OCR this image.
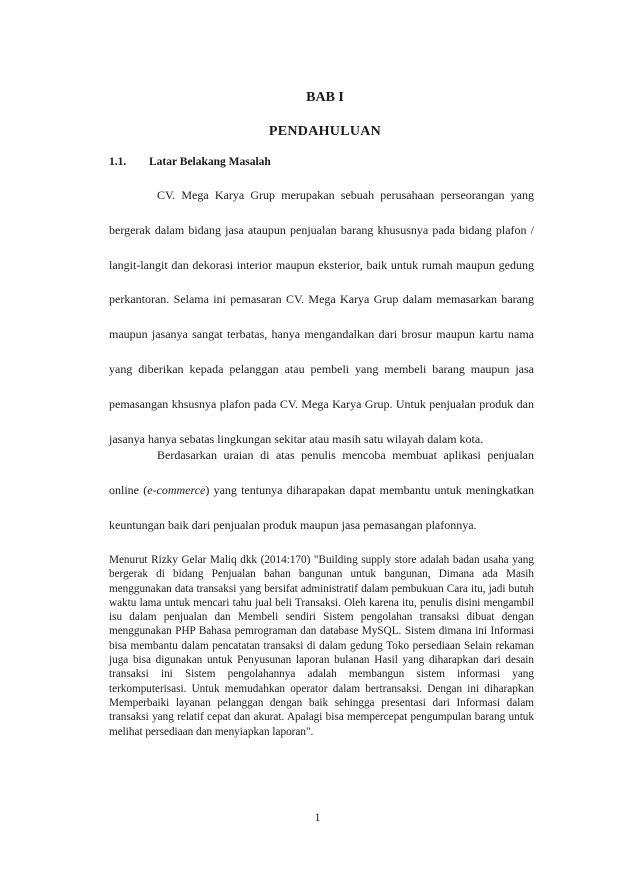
BAB I
PENDAHULUAN
1.1. Latar Belakang Masalah

CV. Mega Karya Grup merupakan sebuah perusahaan perseorangan yang bergerak dalam bidang jasa ataupun penjualan barang khususnya pada bidang plafon / langit-langit dan dekorasi interior maupun eksterior, baik untuk rumah maupun gedung perkantoran. Selama ini pemasaran CV. Mega Karya Grup dalam memasarkan barang maupun jasanya sangat terbatas, hanya mengandalkan dari brosur maupun kartu nama yang diberikan kepada pelanggan atau pembeli yang membeli barang maupun jasa pemasangan khsusnya plafon pada CV. Mega Karya Grup. Untuk penjualan produk dan jasanya hanya sebatas lingkungan sekitar atau masih satu wilayah dalam kota.

Berdasarkan uraian di atas penulis mencoba membuat aplikasi penjualan online (e-commerce) yang tentunya diharapakan dapat membantu untuk meningkatkan keuntungan baik dari penjualan produk maupun jasa pemasangan plafonnya.

Menurut Rizky Gelar Maliq dkk (2014:170) "Building supply store adalah badan usaha yang bergerak di bidang Penjualan bahan bangunan untuk bangunan, Dimana ada Masih menggunakan data transaksi yang bersifat administratif dalam pembukuan Cara itu, jadi butuh waktu lama untuk mencari tahu jual beli Transaksi. Oleh karena itu, penulis disini mengambil isu dalam penjualan dan Membeli sendiri Sistem pengolahan transaksi dibuat dengan menggunakan PHP Bahasa pemrograman dan database MySQL. Sistem dimana ini Informasi bisa membantu dalam pencatatan transaksi di dalam gedung Toko persediaan Selain rekaman juga bisa digunakan untuk Penyusunan laporan bulanan Hasil yang diharapkan dari desain transaksi ini Sistem pengolahannya adalah membangun sistem informasi yang terkomputerisasi. Untuk memudahkan operator dalam bertransaksi. Dengan ini diharapkan Memperbaiki layanan pelanggan dengan baik sehingga presentasi dari Informasi dalam transaksi yang relatif cepat dan akurat. Apalagi bisa mempercepat pengumpulan barang untuk melihat persediaan dan menyiapkan laporan".

1
